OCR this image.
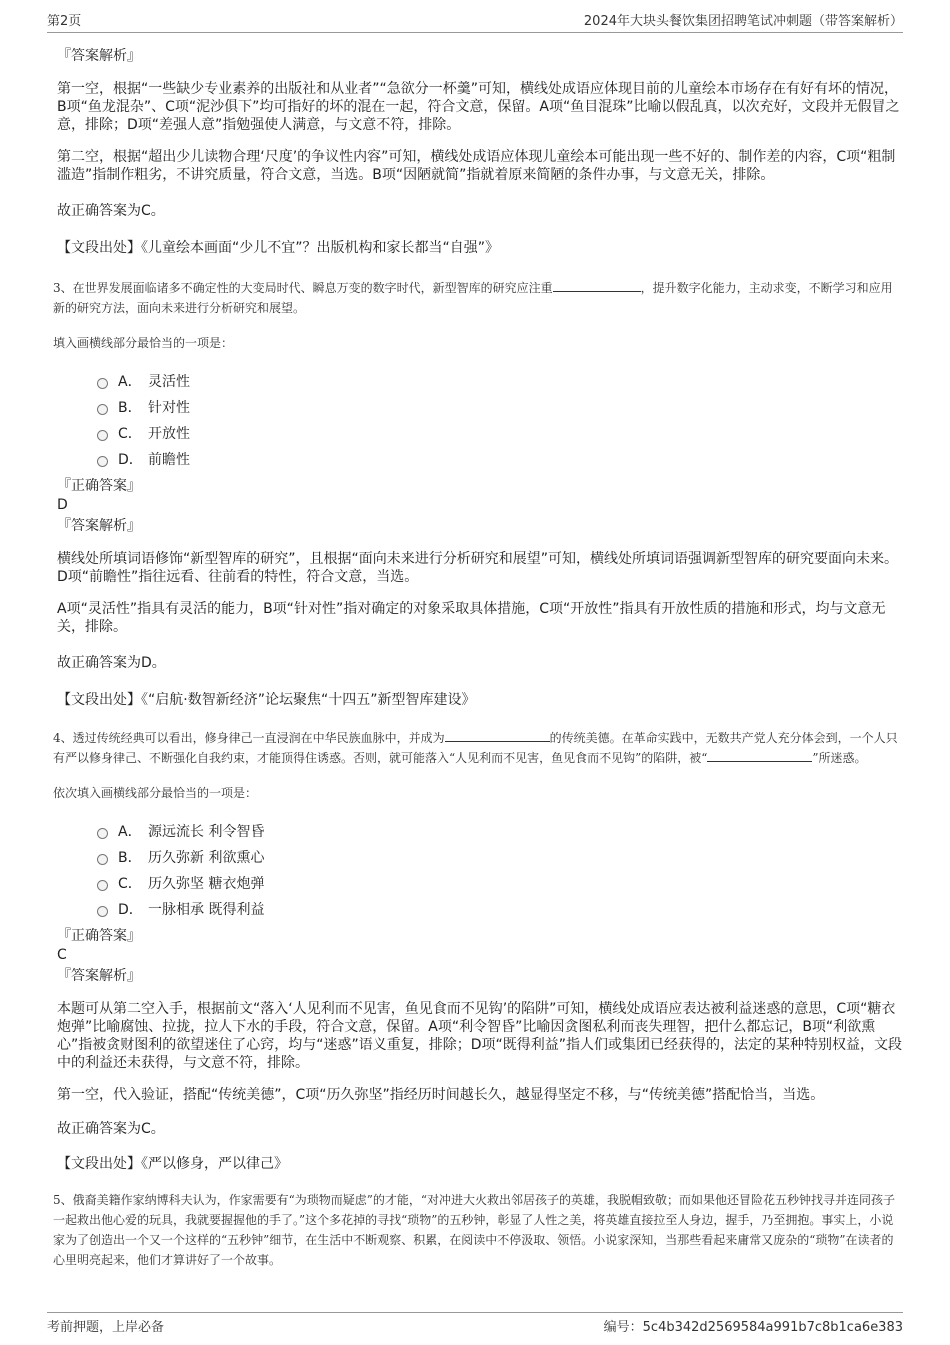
第2页	2024年大块头餐饮集团招聘笔试冲刺题（带答案解析）
『答案解析』

第一空，根据“一些缺少专业素养的出版社和从业者”“急欲分一杯羹”可知，横线处成语应体现目前的儿童绘本市场存在有好有坏的情况，B项“鱼龙混杂”、C项“泥沙俱下”均可指好的坏的混在一起，符合文意，保留。A项“鱼目混珠”比喻以假乱真，以次充好，文段并无假冒之意，排除；D项“差强人意”指勉强使人满意，与文意不符，排除。

第二空，根据“超出少儿读物合理‘尺度’的争议性内容”可知，横线处成语应体现儿童绘本可能出现一些不好的、制作差的内容，C项“粗制滥造”指制作粗劣，不讲究质量，符合文意，当选。B项“因陋就简”指就着原来简陋的条件办事，与文意无关，排除。

故正确答案为C。

【文段出处】《儿童绘本画面“少儿不宜”？出版机构和家长都当“自强”》

3、在世界发展面临诸多不确定性的大变局时代、瞬息万变的数字时代，新型智库的研究应注重	，提升数字化能力，主动求变，不断学习和应用新的研究方法，面向未来进行分析研究和展望。

填入画横线部分最恰当的一项是：

A． 灵活性
B． 针对性
C． 开放性
D． 前瞻性
『正确答案』
D
『答案解析』

横线处所填词语修饰“新型智库的研究”，且根据“面向未来进行分析研究和展望”可知，横线处所填词语强调新型智库的研究要面向未来。D项“前瞻性”指往远看、往前看的特性，符合文意，当选。

A项“灵活性”指具有灵活的能力，B项“针对性”指对确定的对象采取具体措施，C项“开放性”指具有开放性质的措施和形式，均与文意无关，排除。

故正确答案为D。

【文段出处】《“启航·数智新经济”论坛聚焦“十四五”新型智库建设》

4、透过传统经典可以看出，修身律己一直浸润在中华民族血脉中，并成为	的传统美德。在革命实践中，无数共产党人充分体会到，一个人只有严以修身律己、不断强化自我约束，才能顶得住诱惑。否则，就可能落入“人见利而不见害，鱼见食而不见钩”的陷阱，被“	”所迷惑。

依次填入画横线部分最恰当的一项是：

A． 源远流长 利令智昏
B． 历久弥新 利欲熏心
C． 历久弥坚 糖衣炮弹
D． 一脉相承 既得利益
『正确答案』
C
『答案解析』

本题可从第二空入手，根据前文“落入‘人见利而不见害，鱼见食而不见钩’的陷阱”可知，横线处成语应表达被利益迷惑的意思，C项“糖衣炮弹”比喻腐蚀、拉拢，拉人下水的手段，符合文意，保留。A项“利令智昏”比喻因贪图私利而丧失理智，把什么都忘记，B项“利欲熏心”指被贪财图利的欲望迷住了心窍，均与“迷惑”语义重复，排除；D项“既得利益”指人们或集团已经获得的，法定的某种特别权益，文段中的利益还未获得，与文意不符，排除。

第一空，代入验证，搭配“传统美德”，C项“历久弥坚”指经历时间越长久，越显得坚定不移，与“传统美德”搭配恰当，当选。

故正确答案为C。

【文段出处】《严以修身，严以律己》

5、俄裔美籍作家纳博科夫认为，作家需要有“为琐物而疑虑”的才能，“对冲进大火救出邻居孩子的英雄，我脱帽致敬；而如果他还冒险花五秒钟找寻并连同孩子一起救出他心爱的玩具，我就要握握他的手了。”这个多花掉的寻找“琐物”的五秒钟，彰显了人性之美，将英雄直接拉至人身边，握手，乃至拥抱。事实上，小说家为了创造出一个又一个这样的“五秒钟”细节，在生活中不断观察、积累，在阅读中不停汲取、领悟。小说家深知，当那些看起来庸常又庞杂的“琐物”在读者的心里明亮起来，他们才算讲好了一个故事。

考前押题，上岸必备	编号：5c4b342d2569584a991b7c8b1ca6e383
